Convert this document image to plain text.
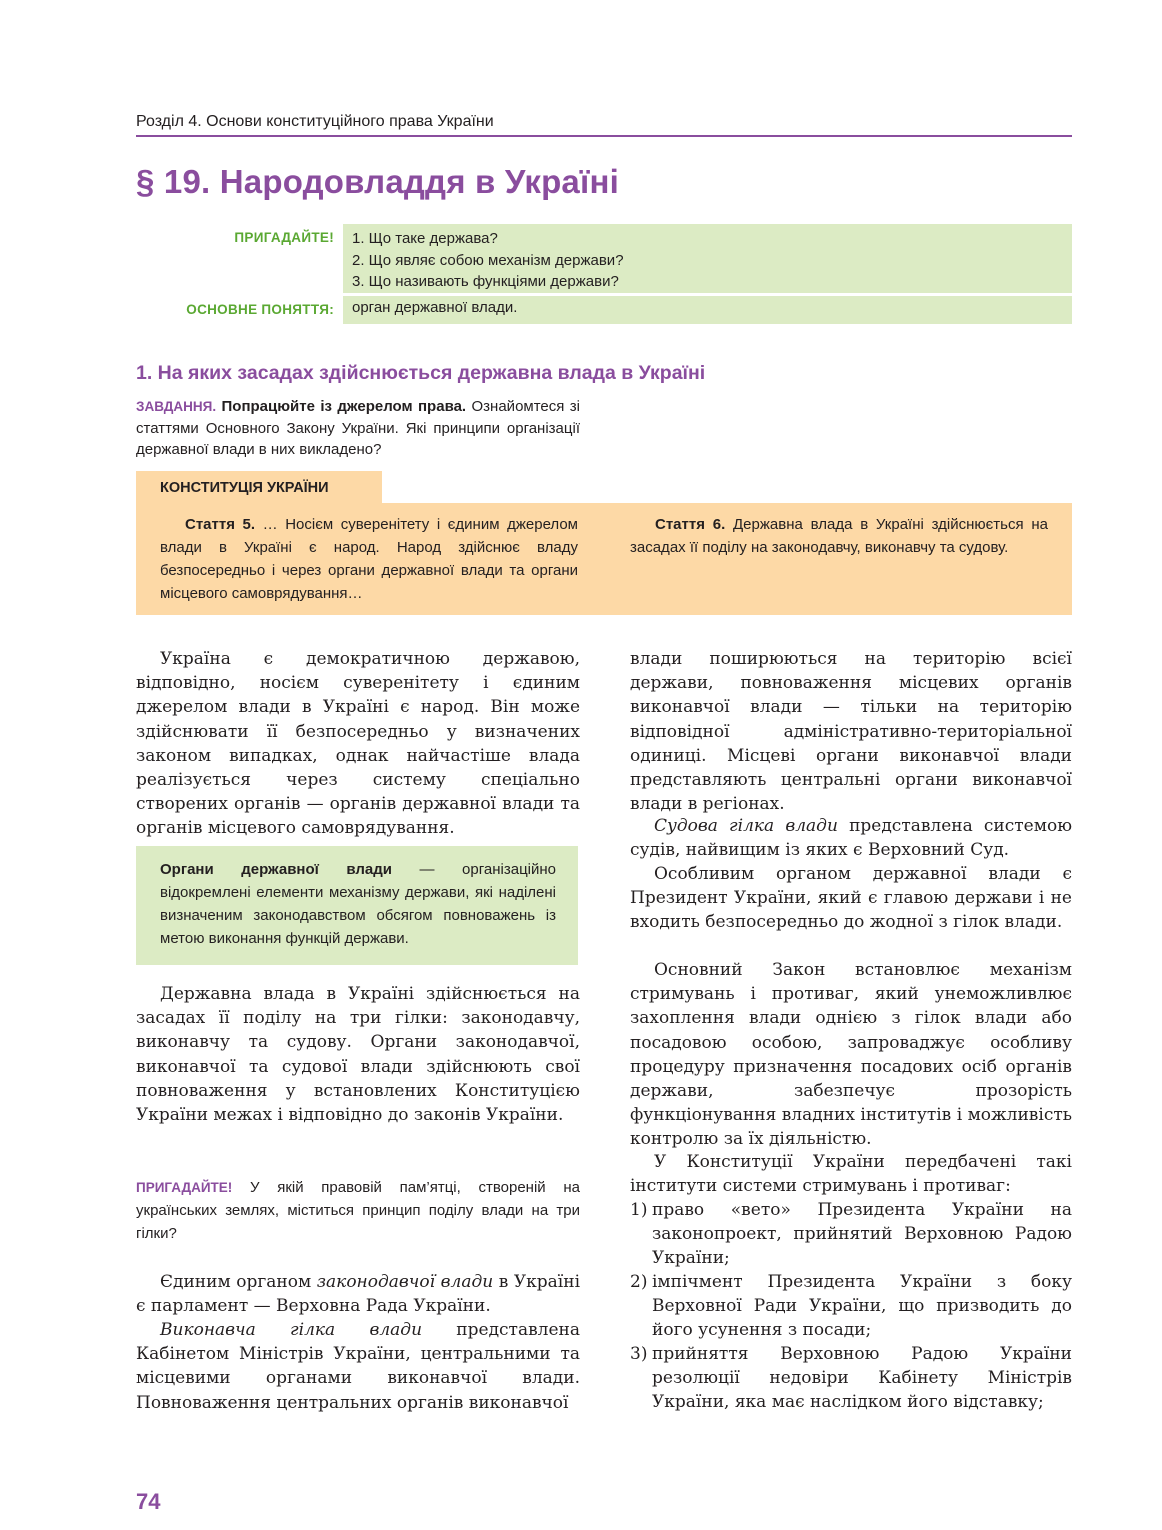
Розділ 4. Основи конституційного права України
§ 19. Народовладдя в Україні
ПРИГАДАЙТЕ! 1. Що таке держава?
2. Що являє собою механізм держави?
3. Що називають функціями держави?
ОСНОВНЕ ПОНЯТТЯ: орган державної влади.
1. На яких засадах здійснюється державна влада в Україні
ЗАВДАННЯ. Попрацюйте із джерелом права. Ознайомтеся зі статтями Основного Закону України. Які принципи організації державної влади в них викладено?
КОНСТИТУЦІЯ УКРАЇНИ
Стаття 5. … Носієм суверенітету і єдиним джерелом влади в Україні є народ. Народ здійснює владу безпосередньо і через органи державної влади та органи місцевого самоврядування…
Стаття 6. Державна влада в Україні здійснюється на засадах її поділу на законодавчу, виконавчу та судову.
Україна є демократичною державою, відповідно, носієм суверенітету і єдиним джерелом влади в Україні є народ. Він може здійснювати її безпосередньо у визначених законом випадках, однак найчастіше влада реалізується через систему спеціально створених органів — органів державної влади та органів місцевого самоврядування.
Органи державної влади — організаційно відокремлені елементи механізму держави, які наділені визначеним законодавством обсягом повноважень із метою виконання функцій держави.
Державна влада в Україні здійснюється на засадах її поділу на три гілки: законодавчу, виконавчу та судову. Органи законодавчої, виконавчої та судової влади здійснюють свої повноваження у встановлених Конституцією України межах і відповідно до законів України.
ПРИГАДАЙТЕ! У якій правовій пам’ятці, створеній на українських землях, міститься принцип поділу влади на три гілки?
Єдиним органом законодавчої влади в Україні є парламент — Верховна Рада України.
Виконавча гілка влади представлена Кабінетом Міністрів України, центральними та місцевими органами виконавчої влади. Повноваження центральних органів виконавчої
влади поширюються на територію всієї держави, повноваження місцевих органів виконавчої влади — тільки на територію відповідної адміністративно-територіальної одиниці. Місцеві органи виконавчої влади представляють центральні органи виконавчої влади в регіонах.
Судова гілка влади представлена системою судів, найвищим із яких є Верховний Суд.
Особливим органом державної влади є Президент України, який є главою держави і не входить безпосередньо до жодної з гілок влади.
Основний Закон встановлює механізм стримувань і противаг, який унеможливлює захоплення влади однією з гілок влади або посадовою особою, запроваджує особливу процедуру призначення посадових осіб органів держави, забезпечує прозорість функціонування владних інститутів і можливість контролю за їх діяльністю.
У Конституції України передбачені такі інститути системи стримувань і противаг:
1) право «вето» Президента України на законопроект, прийнятий Верховною Радою України;
2) імпічмент Президента України з боку Верховної Ради України, що призводить до його усунення з посади;
3) прийняття Верховною Радою України резолюції недовіри Кабінету Міністрів України, яка має наслідком його відставку;
74
